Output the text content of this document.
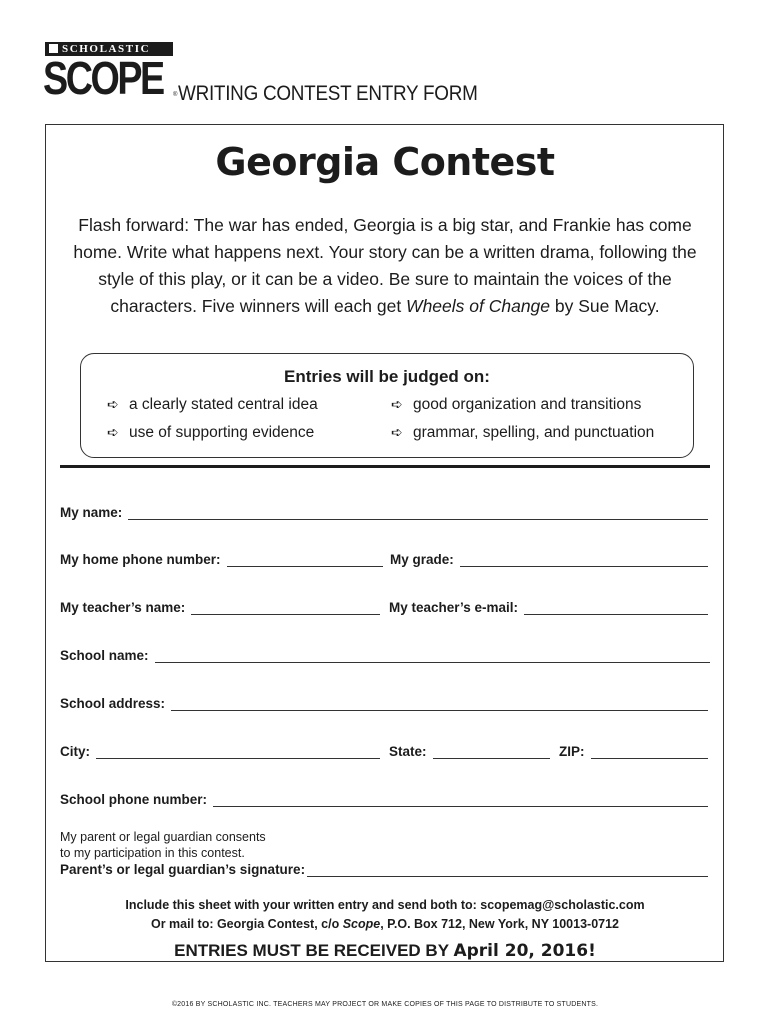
SCHOLASTIC
SCOPE ® WRITING CONTEST ENTRY FORM
Georgia Contest
Flash forward: The war has ended, Georgia is a big star, and Frankie has come home. Write what happens next. Your story can be a written drama, following the style of this play, or it can be a video. Be sure to maintain the voices of the characters. Five winners will each get Wheels of Change by Sue Macy.
Entries will be judged on:
➪ a clearly stated central idea	➪ good organization and transitions
➪ use of supporting evidence	➪ grammar, spelling, and punctuation
My name:
My home phone number:	My grade:
My teacher’s name:	My teacher’s e-mail:
School name:
School address:
City:	State:	ZIP:
School phone number:
My parent or legal guardian consents
to my participation in this contest.
Parent’s or legal guardian’s signature:
Include this sheet with your written entry and send both to: scopemag@scholastic.com
Or mail to: Georgia Contest, c/o Scope, P.O. Box 712, New York, NY 10013-0712
ENTRIES MUST BE RECEIVED BY April 20, 2016!
©2016 BY SCHOLASTIC INC. TEACHERS MAY PROJECT OR MAKE COPIES OF THIS PAGE TO DISTRIBUTE TO STUDENTS.
